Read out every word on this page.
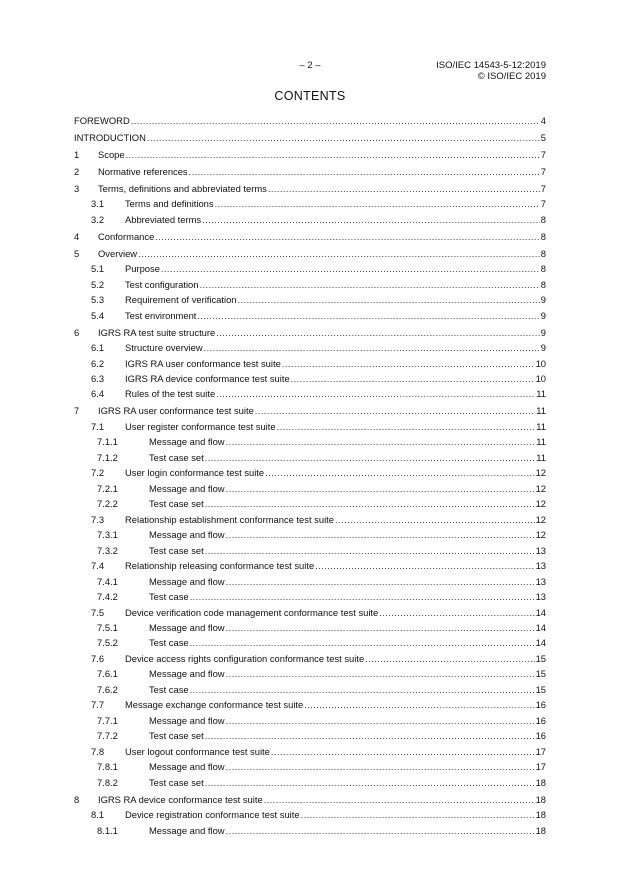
– 2 –	ISO/IEC 14543-5-12:2019
© ISO/IEC 2019
CONTENTS
FOREWORD .....	4
INTRODUCTION .....	5
1 Scope .....	7
2 Normative references .....	7
3 Terms, definitions and abbreviated terms .....	7
3.1 Terms and definitions .....	7
3.2 Abbreviated terms .....	8
4 Conformance .....	8
5 Overview .....	8
5.1 Purpose .....	8
5.2 Test configuration .....	8
5.3 Requirement of verification .....	9
5.4 Test environment .....	9
6 IGRS RA test suite structure .....	9
6.1 Structure overview .....	9
6.2 IGRS RA user conformance test suite .....	10
6.3 IGRS RA device conformance test suite .....	10
6.4 Rules of the test suite .....	11
7 IGRS RA user conformance test suite .....	11
7.1 User register conformance test suite .....	11
7.1.1	Message and flow .....	11
7.1.2	Test case set .....	11
7.2 User login conformance test suite .....	12
7.2.1	Message and flow .....	12
7.2.2	Test case set .....	12
7.3 Relationship establishment conformance test suite .....	12
7.3.1	Message and flow .....	12
7.3.2	Test case set .....	13
7.4 Relationship releasing conformance test suite .....	13
7.4.1	Message and flow .....	13
7.4.2	Test case .....	13
7.5 Device verification code management conformance test suite .....	14
7.5.1	Message and flow .....	14
7.5.2	Test case .....	14
7.6 Device access rights configuration conformance test suite .....	15
7.6.1	Message and flow .....	15
7.6.2	Test case .....	15
7.7 Message exchange conformance test suite .....	16
7.7.1	Message and flow .....	16
7.7.2	Test case set .....	16
7.8 User logout conformance test suite .....	17
7.8.1	Message and flow .....	17
7.8.2	Test case set .....	18
8 IGRS RA device conformance test suite .....	18
8.1 Device registration conformance test suite .....	18
8.1.1	Message and flow .....	18
